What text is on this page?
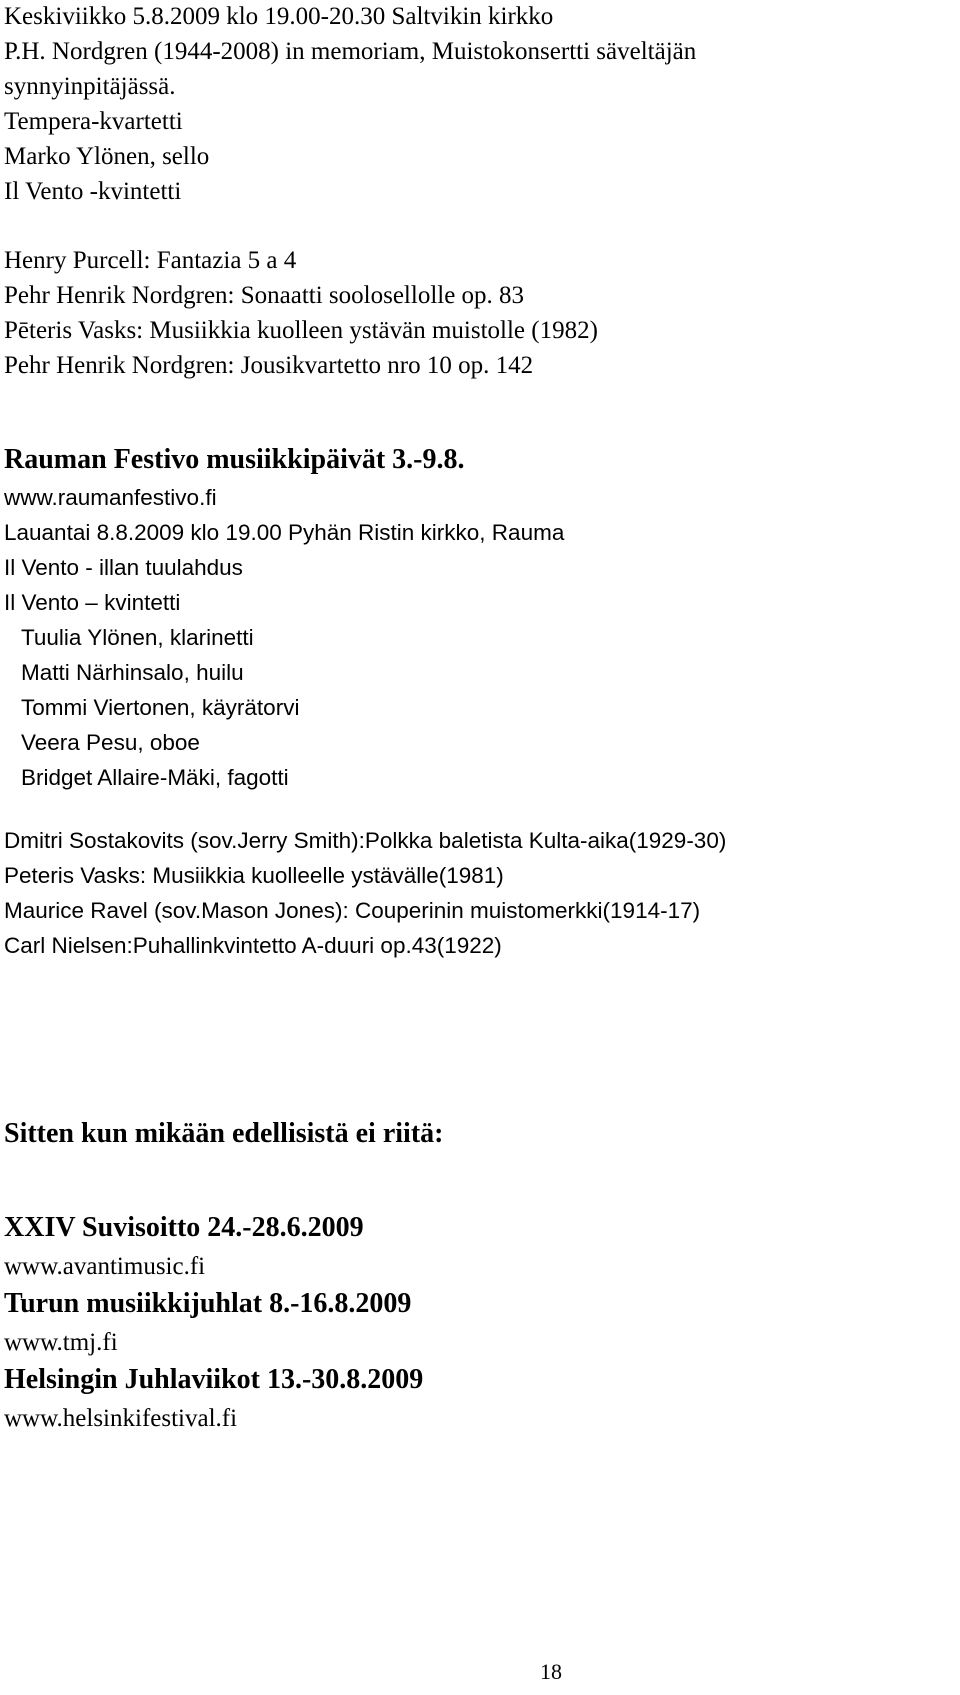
Keskiviikko 5.8.2009 klo 19.00-20.30 Saltvikin kirkko
P.H. Nordgren (1944-2008) in memoriam, Muistokonsertti säveltäjän
synnyinpitäjässä.
Tempera-kvartetti
Marko Ylönen, sello
Il Vento -kvintetti
Henry Purcell: Fantazia 5 a 4
Pehr Henrik Nordgren: Sonaatti soolosellolle op. 83
Pēteris Vasks: Musiikkia kuolleen ystävän muistolle (1982)
Pehr Henrik Nordgren: Jousikvartetto nro 10 op. 142
Rauman Festivo musiikkipäivät 3.-9.8.
www.raumanfestivo.fi
Lauantai 8.8.2009 klo 19.00 Pyhän Ristin kirkko, Rauma
Il Vento - illan tuulahdus
Il Vento – kvintetti
Tuulia Ylönen, klarinetti
Matti Närhinsalo, huilu
Tommi Viertonen, käyrätorvi
Veera Pesu, oboe
Bridget Allaire-Mäki, fagotti
Dmitri Sostakovits (sov.Jerry Smith):Polkka baletista Kulta-aika(1929-30)
Peteris Vasks: Musiikkia kuolleelle ystävälle(1981)
Maurice Ravel (sov.Mason Jones): Couperinin muistomerkki(1914-17)
Carl Nielsen:Puhallinkvintetto A-duuri op.43(1922)
Sitten kun mikään edellisistä ei riitä:
XXIV Suvisoitto 24.-28.6.2009
www.avantimusic.fi
Turun musiikkijuhlat 8.-16.8.2009
www.tmj.fi
Helsingin Juhlaviikot 13.-30.8.2009
www.helsinkifestival.fi
18
